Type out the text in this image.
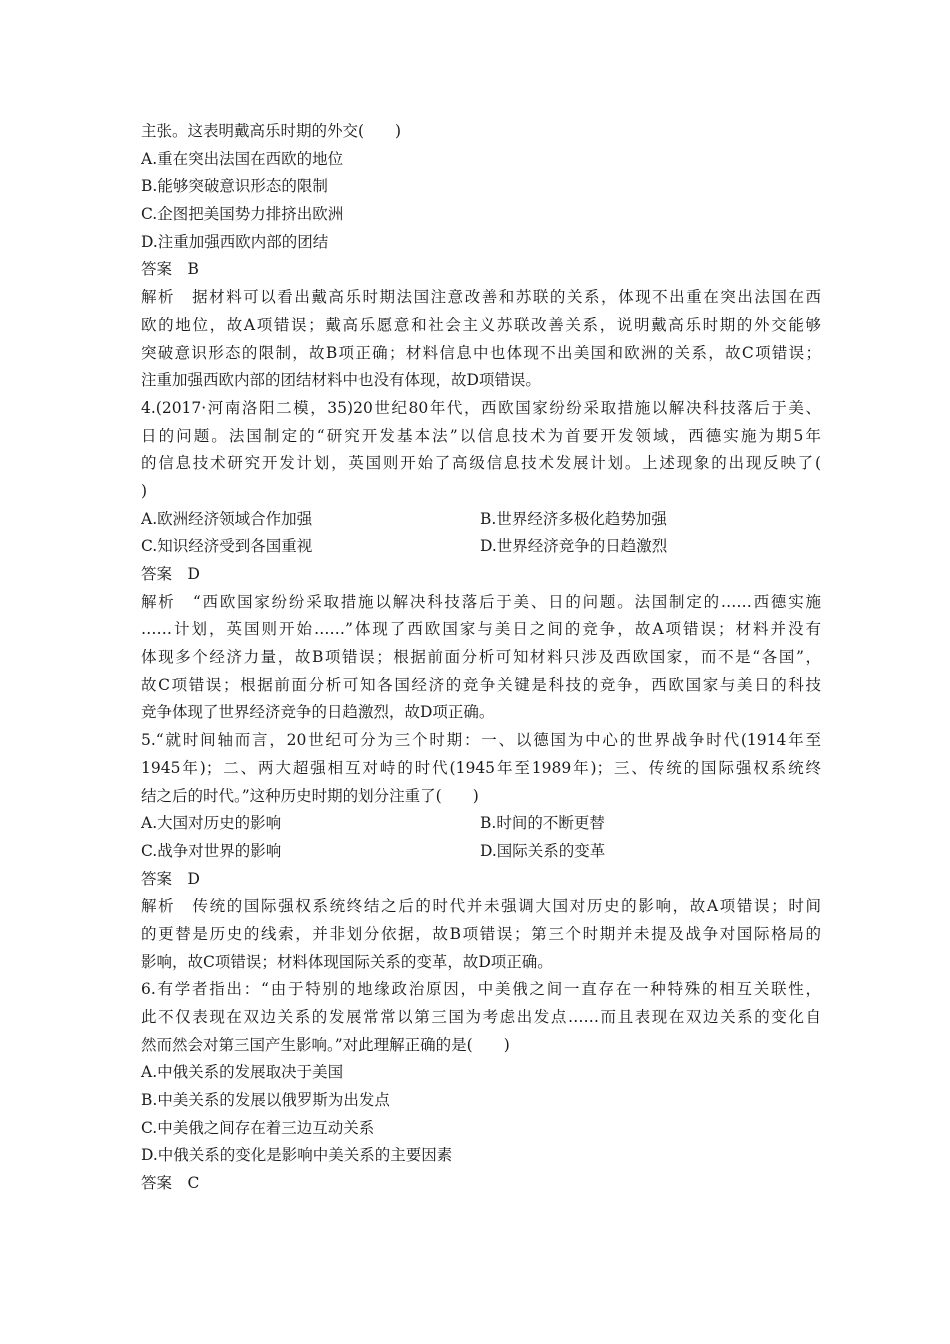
主张。这表明戴高乐时期的外交(　　)
A.重在突出法国在西欧的地位
B.能够突破意识形态的限制
C.企图把美国势力排挤出欧洲
D.注重加强西欧内部的团结
答案　B
解析　据材料可以看出戴高乐时期法国注意改善和苏联的关系，体现不出重在突出法国在西
欧的地位，故A项错误；戴高乐愿意和社会主义苏联改善关系，说明戴高乐时期的外交能够
突破意识形态的限制，故B项正确；材料信息中也体现不出美国和欧洲的关系，故C项错误；
注重加强西欧内部的团结材料中也没有体现，故D项错误。
4.(2017·河南洛阳二模，35)20世纪80年代，西欧国家纷纷采取措施以解决科技落后于美、
日的问题。法国制定的“研究开发基本法”以信息技术为首要开发领域，西德实施为期5年
的信息技术研究开发计划，英国则开始了高级信息技术发展计划。上述现象的出现反映了(
)
A.欧洲经济领域合作加强	B.世界经济多极化趋势加强
C.知识经济受到各国重视	D.世界经济竞争的日趋激烈
答案　D
解析　“西欧国家纷纷采取措施以解决科技落后于美、日的问题。法国制定的……西德实施
……计划，英国则开始……”体现了西欧国家与美日之间的竞争，故A项错误；材料并没有
体现多个经济力量，故B项错误；根据前面分析可知材料只涉及西欧国家，而不是“各国”，
故C项错误；根据前面分析可知各国经济的竞争关键是科技的竞争，西欧国家与美日的科技
竞争体现了世界经济竞争的日趋激烈，故D项正确。
5.“就时间轴而言，20世纪可分为三个时期：一、以德国为中心的世界战争时代(1914年至
1945年)；二、两大超强相互对峙的时代(1945年至1989年)；三、传统的国际强权系统终
结之后的时代。”这种历史时期的划分注重了(　　)
A.大国对历史的影响	B.时间的不断更替
C.战争对世界的影响	D.国际关系的变革
答案　D
解析　传统的国际强权系统终结之后的时代并未强调大国对历史的影响，故A项错误；时间
的更替是历史的线索，并非划分依据，故B项错误；第三个时期并未提及战争对国际格局的
影响，故C项错误；材料体现国际关系的变革，故D项正确。
6.有学者指出：“由于特别的地缘政治原因，中美俄之间一直存在一种特殊的相互关联性，
此不仅表现在双边关系的发展常常以第三国为考虑出发点……而且表现在双边关系的变化自
然而然会对第三国产生影响。”对此理解正确的是(　　)
A.中俄关系的发展取决于美国
B.中美关系的发展以俄罗斯为出发点
C.中美俄之间存在着三边互动关系
D.中俄关系的变化是影响中美关系的主要因素
答案　C
